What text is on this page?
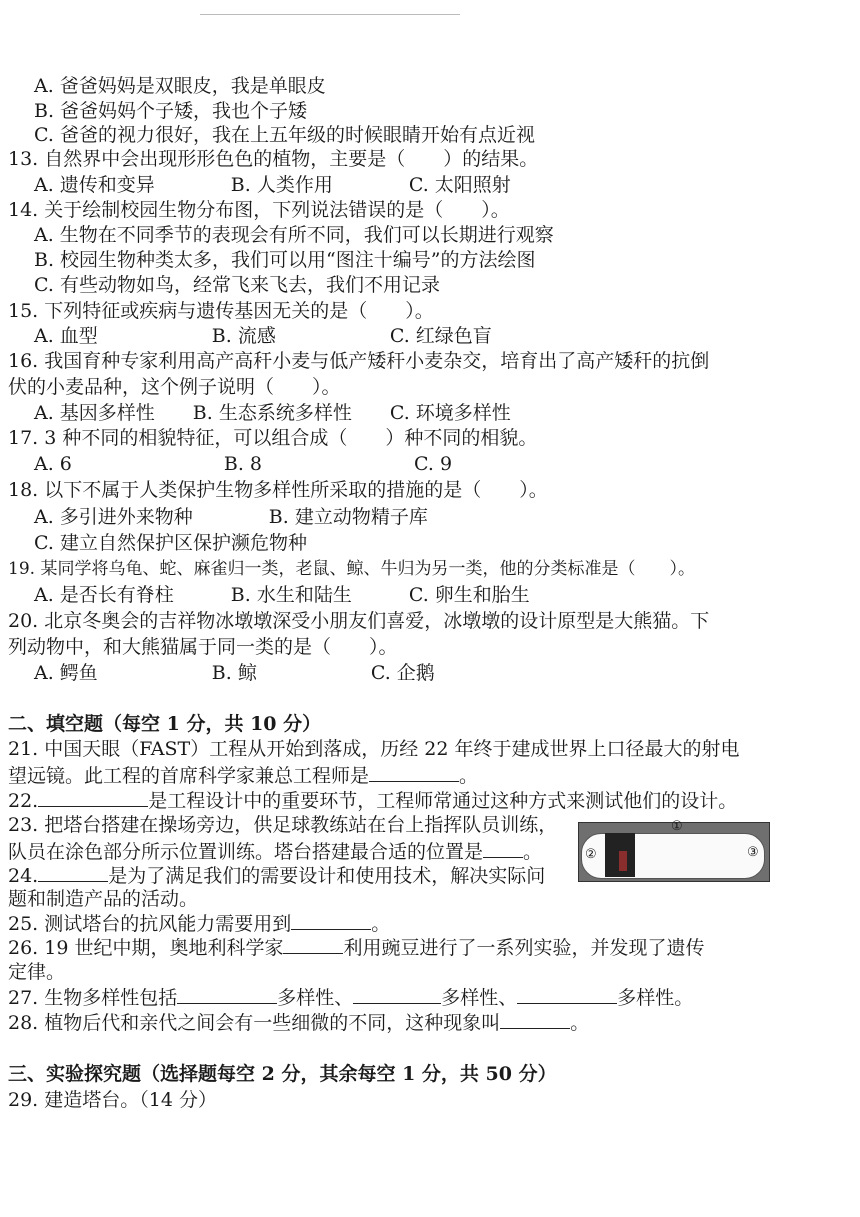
A. 爸爸妈妈是双眼皮，我是单眼皮
B. 爸爸妈妈个子矮，我也个子矮
C. 爸爸的视力很好，我在上五年级的时候眼睛开始有点近视
13. 自然界中会出现形形色色的植物，主要是（　　）的结果。
A. 遗传和变异　　　　B. 人类作用　　　　C. 太阳照射
14. 关于绘制校园生物分布图，下列说法错误的是（　　）。
A. 生物在不同季节的表现会有所不同，我们可以长期进行观察
B. 校园生物种类太多，我们可以用“图注十编号”的方法绘图
C. 有些动物如鸟，经常飞来飞去，我们不用记录
15. 下列特征或疾病与遗传基因无关的是（　　）。
A. 血型　　　　　　B. 流感　　　　　　C. 红绿色盲
16. 我国育种专家利用高产高秆小麦与低产矮秆小麦杂交，培育出了高产矮秆的抗倒
伏的小麦品种，这个例子说明（　　）。
A. 基因多样性　　B. 生态系统多样性　　C. 环境多样性
17. 3 种不同的相貌特征，可以组合成（　　）种不同的相貌。
A. 6　　　　　　　　B. 8　　　　　　　　C. 9
18. 以下不属于人类保护生物多样性所采取的措施的是（　　）。
A. 多引进外来物种　　　　B. 建立动物精子库
C. 建立自然保护区保护濒危物种
19. 某同学将乌龟、蛇、麻雀归一类，老鼠、鲸、牛归为另一类，他的分类标准是（　　）。
A. 是否长有脊柱　　　B. 水生和陆生　　　C. 卵生和胎生
20. 北京冬奥会的吉祥物冰墩墩深受小朋友们喜爱，冰墩墩的设计原型是大熊猫。下
列动物中，和大熊猫属于同一类的是（　　）。
A. 鳄鱼　　　　　　B. 鲸　　　　　　C. 企鹅
二、填空题（每空 1 分，共 10 分）
21. 中国天眼（FAST）工程从开始到落成，历经 22 年终于建成世界上口径最大的射电
望远镜。此工程的首席科学家兼总工程师是	。
22.	是工程设计中的重要环节，工程师常通过这种方式来测试他们的设计。
23. 把塔台搭建在操场旁边，供足球教练站在台上指挥队员训练，
队员在涂色部分所示位置训练。塔台搭建最合适的位置是 。
①
②	③
24.	是为了满足我们的需要设计和使用技术，解决实际问
题和制造产品的活动。
25. 测试塔台的抗风能力需要用到	。
26. 19 世纪中期，奥地利科学家	利用豌豆进行了一系列实验，并发现了遗传
定律。
27. 生物多样性包括	多样性、	多样性、	多样性。
28. 植物后代和亲代之间会有一些细微的不同，这种现象叫	。
三、实验探究题（选择题每空 2 分，其余每空 1 分，共 50 分）
29. 建造塔台。（14 分）
